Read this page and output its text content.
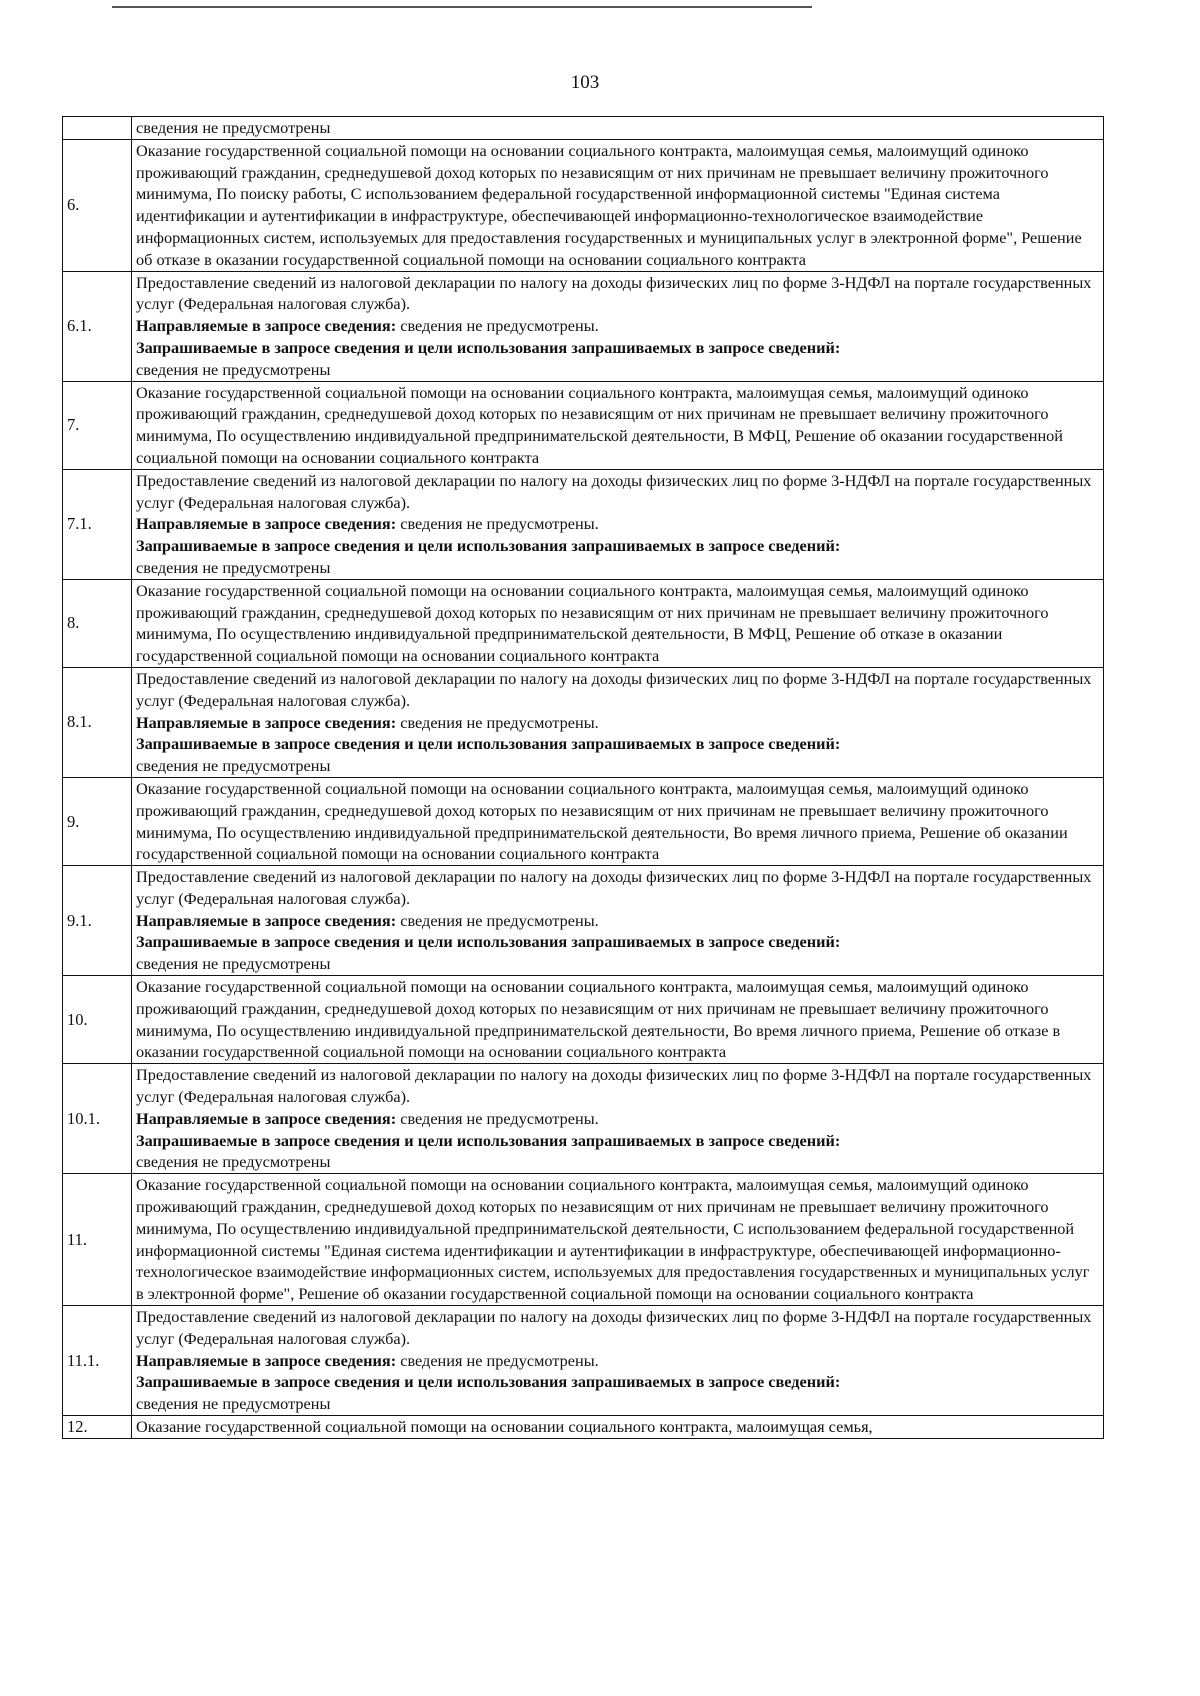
103
	сведения не предусмотрены
6.	Оказание государственной социальной помощи на основании социального контракта, малоимущая семья, малоимущий одиноко проживающий гражданин, среднедушевой доход которых по независящим от них причинам не превышает величину прожиточного минимума, По поиску работы, С использованием федеральной государственной информационной системы "Единая система идентификации и аутентификации в инфраструктуре, обеспечивающей информационно-технологическое взаимодействие информационных систем, используемых для предоставления государственных и муниципальных услуг в электронной форме", Решение об отказе в оказании государственной социальной помощи на основании социального контракта
6.1.	Предоставление сведений из налоговой декларации по налогу на доходы физических лиц по форме 3-НДФЛ на портале государственных услуг (Федеральная налоговая служба).

Направляемые в запросе сведения: сведения не предусмотрены.

Запрашиваемые в запросе сведения и цели использования запрашиваемых в запросе сведений:

сведения не предусмотрены

7.	Оказание государственной социальной помощи на основании социального контракта, малоимущая семья, малоимущий одиноко проживающий гражданин, среднедушевой доход которых по независящим от них причинам не превышает величину прожиточного минимума, По осуществлению индивидуальной предпринимательской деятельности, В МФЦ, Решение об оказании государственной социальной помощи на основании социального контракта
7.1.	Предоставление сведений из налоговой декларации по налогу на доходы физических лиц по форме 3-НДФЛ на портале государственных услуг (Федеральная налоговая служба).

Направляемые в запросе сведения: сведения не предусмотрены.

Запрашиваемые в запросе сведения и цели использования запрашиваемых в запросе сведений:

сведения не предусмотрены

8.	Оказание государственной социальной помощи на основании социального контракта, малоимущая семья, малоимущий одиноко проживающий гражданин, среднедушевой доход которых по независящим от них причинам не превышает величину прожиточного минимума, По осуществлению индивидуальной предпринимательской деятельности, В МФЦ, Решение об отказе в оказании государственной социальной помощи на основании социального контракта
8.1.	Предоставление сведений из налоговой декларации по налогу на доходы физических лиц по форме 3-НДФЛ на портале государственных услуг (Федеральная налоговая служба).

Направляемые в запросе сведения: сведения не предусмотрены.

Запрашиваемые в запросе сведения и цели использования запрашиваемых в запросе сведений:

сведения не предусмотрены

9.	Оказание государственной социальной помощи на основании социального контракта, малоимущая семья, малоимущий одиноко проживающий гражданин, среднедушевой доход которых по независящим от них причинам не превышает величину прожиточного минимума, По осуществлению индивидуальной предпринимательской деятельности, Во время личного приема, Решение об оказании государственной социальной помощи на основании социального контракта
9.1.	Предоставление сведений из налоговой декларации по налогу на доходы физических лиц по форме 3-НДФЛ на портале государственных услуг (Федеральная налоговая служба).

Направляемые в запросе сведения: сведения не предусмотрены.

Запрашиваемые в запросе сведения и цели использования запрашиваемых в запросе сведений:

сведения не предусмотрены

10.	Оказание государственной социальной помощи на основании социального контракта, малоимущая семья, малоимущий одиноко проживающий гражданин, среднедушевой доход которых по независящим от них причинам не превышает величину прожиточного минимума, По осуществлению индивидуальной предпринимательской деятельности, Во время личного приема, Решение об отказе в оказании государственной социальной помощи на основании социального контракта
10.1.	Предоставление сведений из налоговой декларации по налогу на доходы физических лиц по форме 3-НДФЛ на портале государственных услуг (Федеральная налоговая служба).

Направляемые в запросе сведения: сведения не предусмотрены.

Запрашиваемые в запросе сведения и цели использования запрашиваемых в запросе сведений:

сведения не предусмотрены

11.	Оказание государственной социальной помощи на основании социального контракта, малоимущая семья, малоимущий одиноко проживающий гражданин, среднедушевой доход которых по независящим от них причинам не превышает величину прожиточного минимума, По осуществлению индивидуальной предпринимательской деятельности, С использованием федеральной государственной информационной системы "Единая система идентификации и аутентификации в инфраструктуре, обеспечивающей информационно-технологическое взаимодействие информационных систем, используемых для предоставления государственных и муниципальных услуг в электронной форме", Решение об оказании государственной социальной помощи на основании социального контракта
11.1.	Предоставление сведений из налоговой декларации по налогу на доходы физических лиц по форме 3-НДФЛ на портале государственных услуг (Федеральная налоговая служба).

Направляемые в запросе сведения: сведения не предусмотрены.

Запрашиваемые в запросе сведения и цели использования запрашиваемых в запросе сведений:

сведения не предусмотрены

12.	Оказание государственной социальной помощи на основании социального контракта, малоимущая семья,
